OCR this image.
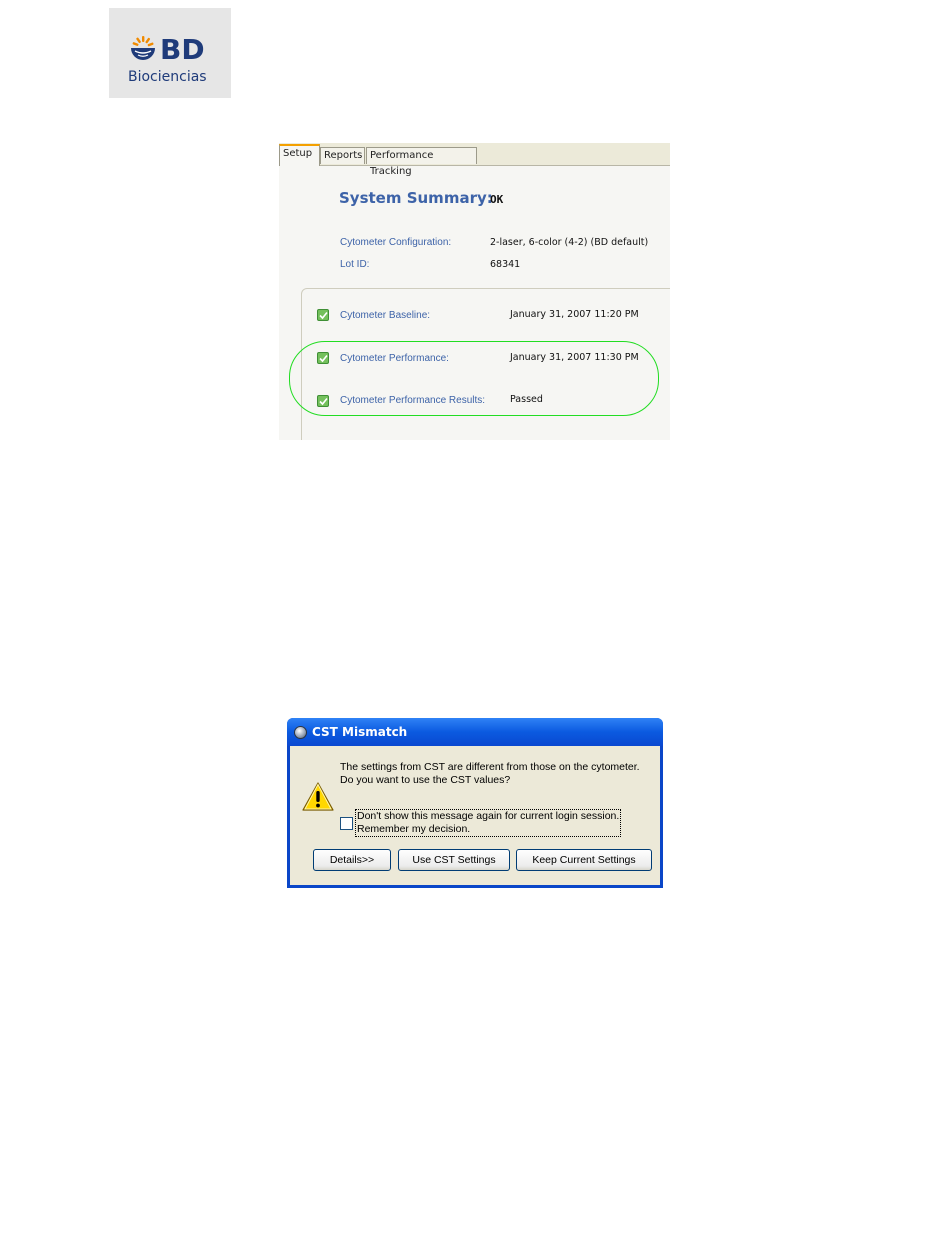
BD
Biociencias
Setup	Reports Performance Tracking
System Summary:
OK
Cytometer Configuration:	2-laser, 6-color (4-2) (BD default)
Lot ID:	68341
Cytometer Baseline:	January 31, 2007 11:20 PM
Cytometer Performance:	January 31, 2007 11:30 PM
Cytometer Performance Results:	Passed
CST Mismatch
The settings from CST are different from those on the cytometer.
Do you want to use the CST values?
Don't show this message again for current login session.
Remember my decision.
Details>>	Use CST Settings	Keep Current Settings
